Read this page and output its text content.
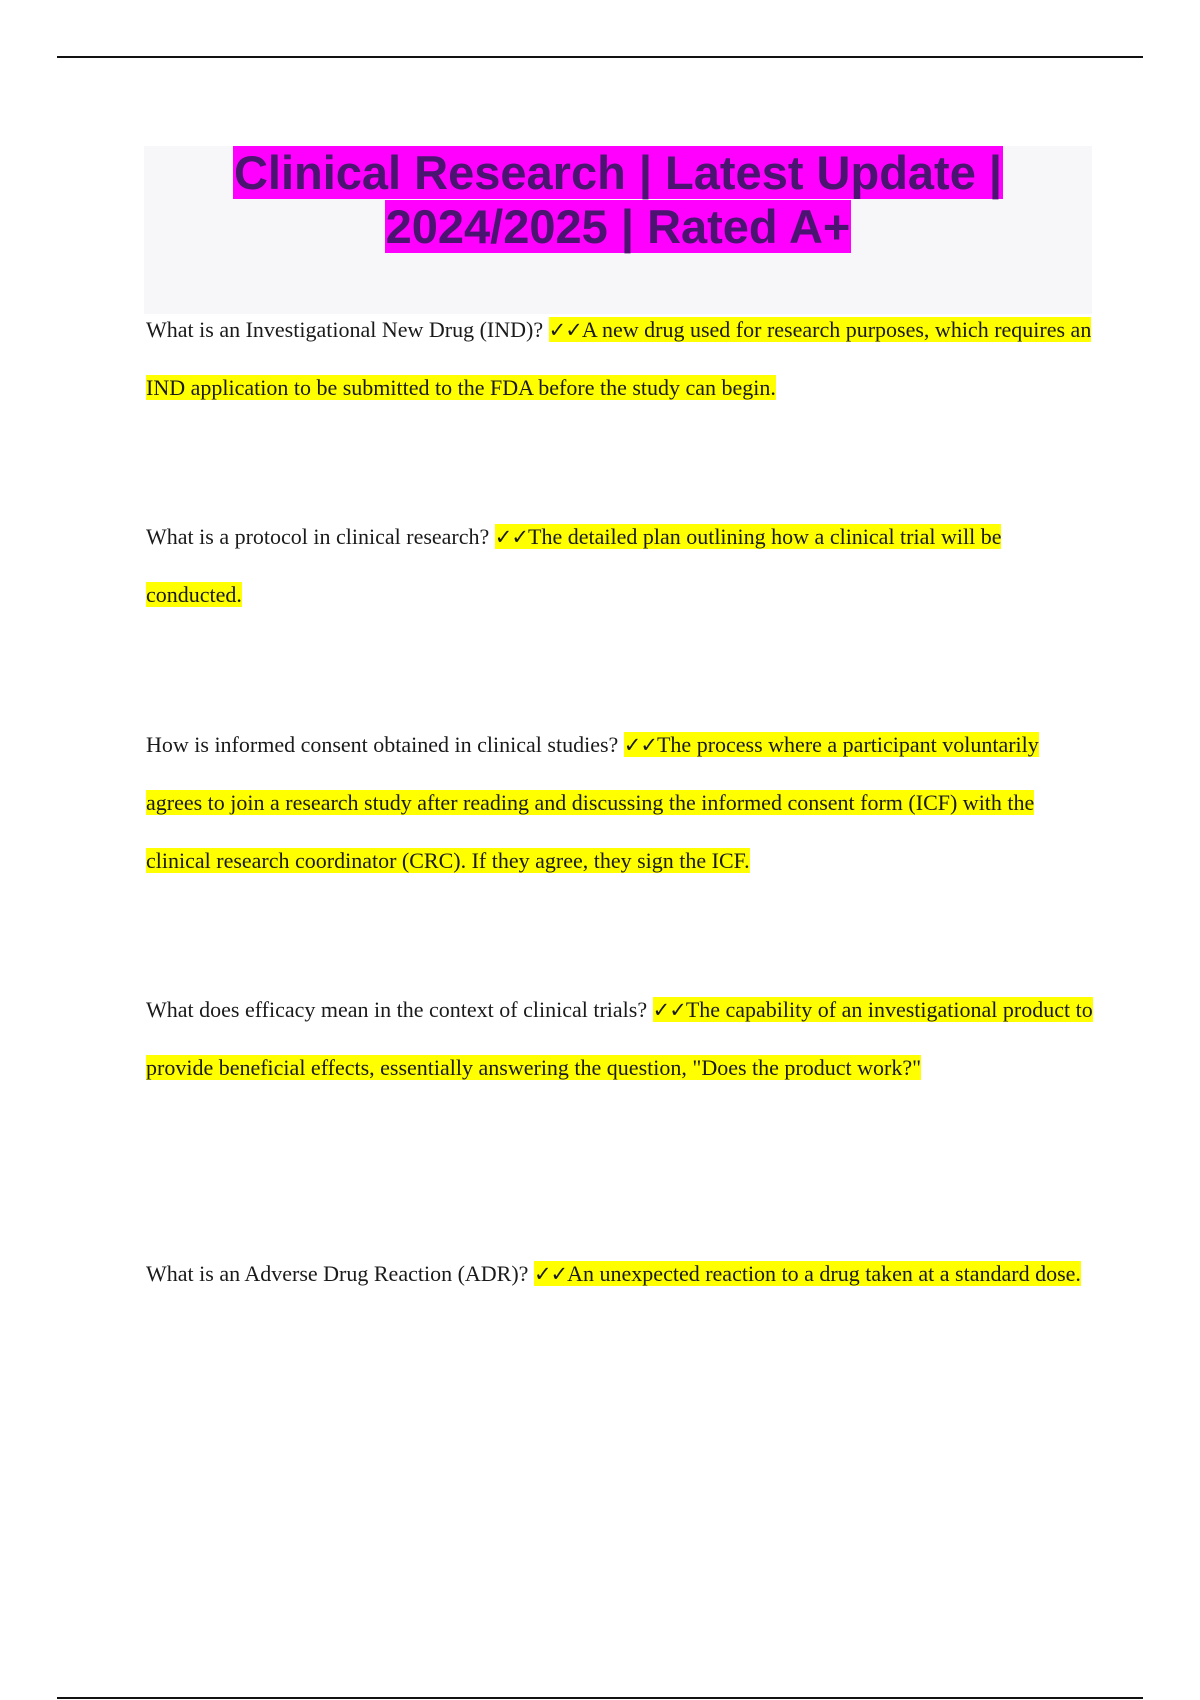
Clinical Research | Latest Update | 2024/2025 | Rated A+

What is an Investigational New Drug (IND)? ✓✓A new drug used for research purposes, which requires an IND application to be submitted to the FDA before the study can begin.

What is a protocol in clinical research? ✓✓The detailed plan outlining how a clinical trial will be conducted.

How is informed consent obtained in clinical studies? ✓✓The process where a participant voluntarily agrees to join a research study after reading and discussing the informed consent form (ICF) with the clinical research coordinator (CRC). If they agree, they sign the ICF.

What does efficacy mean in the context of clinical trials? ✓✓The capability of an investigational product to provide beneficial effects, essentially answering the question, "Does the product work?"

What is an Adverse Drug Reaction (ADR)? ✓✓An unexpected reaction to a drug taken at a standard dose.
